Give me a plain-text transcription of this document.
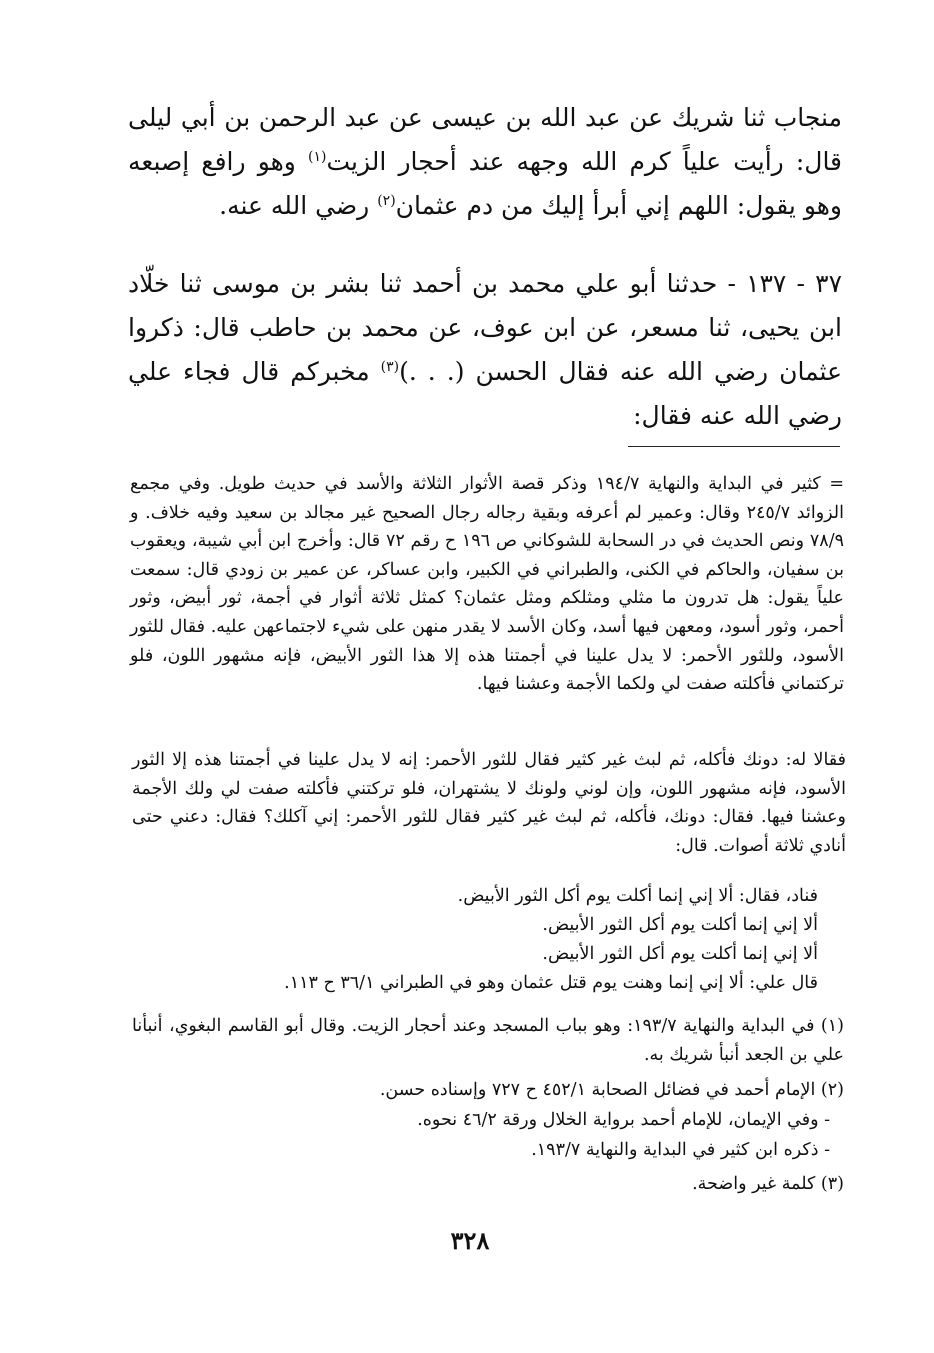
منجاب ثنا شريك عن عبد الله بن عيسى عن عبد الرحمن بن أبي ليلى قال: رأيت علياً كرم الله وجهه عند أحجار الزيت$^{(١)}$ وهو رافع إصبعه وهو يقول: اللهم إني أبرأ إليك من دم عثمان$^{(٢)}$ رضي الله عنه.

٣٧ - ١٣٧ - حدثنا أبو علي محمد بن أحمد ثنا بشر بن موسى ثنا خلّاد ابن يحيى، ثنا مسعر، عن ابن عوف، عن محمد بن حاطب قال: ذكروا عثمان رضي الله عنه فقال الحسن (. . .)$^{(٣)}$ مخبركم قال فجاء علي رضي الله عنه فقال:

= كثير في البداية والنهاية ١٩٤/٧ وذكر قصة الأثوار الثلاثة والأسد في حديث طويل. وفي مجمع الزوائد ٢٤٥/٧ وقال: وعمير لم أعرفه وبقية رجاله رجال الصحيح غير مجالد بن سعيد وفيه خلاف. و ٧٨/٩ ونص الحديث في در السحابة للشوكاني ص ١٩٦ ح رقم ٧٢ قال: وأخرج ابن أبي شيبة، ويعقوب بن سفيان، والحاكم في الكنى، والطبراني في الكبير، وابن عساكر، عن عمير بن زودي قال: سمعت علياً يقول: هل تدرون ما مثلي ومثلكم ومثل عثمان؟ كمثل ثلاثة أثوار في أجمة، ثور أبيض، وثور أحمر، وثور أسود، ومعهن فيها أسد، وكان الأسد لا يقدر منهن على شيء لاجتماعهن عليه. فقال للثور الأسود، وللثور الأحمر: لا يدل علينا في أجمتنا هذه إلا هذا الثور الأبيض، فإنه مشهور اللون، فلو تركتماني فأكلته صفت لي ولكما الأجمة وعشنا فيها.

فقالا له: دونك فأكله، ثم لبث غير كثير فقال للثور الأحمر: إنه لا يدل علينا في أجمتنا هذه إلا الثور الأسود، فإنه مشهور اللون، وإن لوني ولونك لا يشتهران، فلو تركتني فأكلته صفت لي ولك الأجمة وعشنا فيها. فقال: دونك، فأكله، ثم لبث غير كثير فقال للثور الأحمر: إني آكلك؟ فقال: دعني حتى أنادي ثلاثة أصوات. قال:

فناد، فقال: ألا إني إنما أكلت يوم أكل الثور الأبيض.
ألا إني إنما أكلت يوم أكل الثور الأبيض.
ألا إني إنما أكلت يوم أكل الثور الأبيض.
قال علي: ألا إني إنما وهنت يوم قتل عثمان وهو في الطبراني ٣٦/١ ح ١١٣.

(١) في البداية والنهاية ١٩٣/٧: وهو بباب المسجد وعند أحجار الزيت. وقال أبو القاسم البغوي، أنبأنا علي بن الجعد أنبأ شريك به.

(٢) الإمام أحمد في فضائل الصحابة ٤٥٢/١ ح ٧٢٧ وإسناده حسن.

- وفي الإيمان، للإمام أحمد برواية الخلال ورقة ٤٦/٢ نحوه.

- ذكره ابن كثير في البداية والنهاية ١٩٣/٧.

(٣) كلمة غير واضحة.

٣٢٨
